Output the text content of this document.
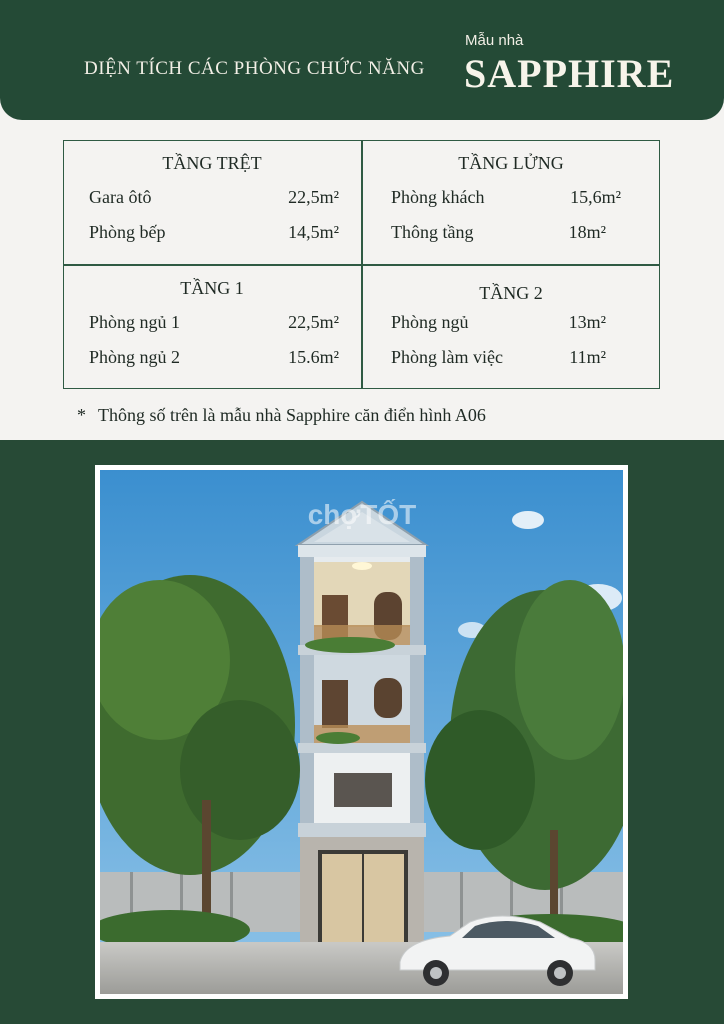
DIỆN TÍCH CÁC PHÒNG CHỨC NĂNG
Mẫu nhà
SAPPHIRE
TẦNG TRỆT
Gara ôtô	22,5m²
Phòng bếp	14,5m²
TẦNG LỬNG
Phòng khách	15,6m²
Thông tầng	18m²
TẦNG 1
Phòng ngủ 1	22,5m²
Phòng ngủ 2	15.6m²
TẦNG 2
Phòng ngủ	13m²
Phòng làm việc	11m²
* Thông số trên là mẫu nhà Sapphire căn điển hình A06
chợTỐT
